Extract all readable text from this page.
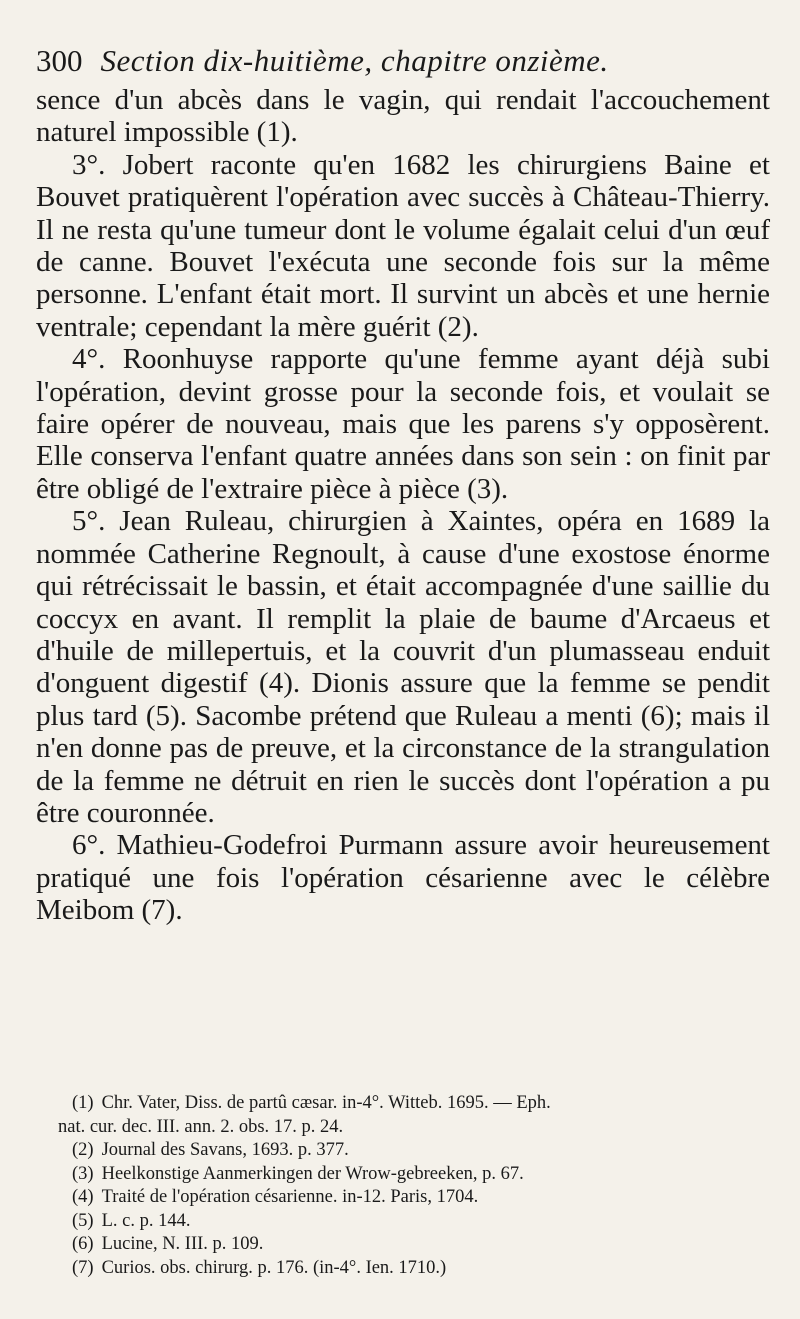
300 Section dix-huitième, chapitre onzième.

sence d'un abcès dans le vagin, qui rendait l'accouchement naturel impossible (1).

3°. Jobert raconte qu'en 1682 les chirurgiens Baine et Bouvet pratiquèrent l'opération avec succès à Château-Thierry. Il ne resta qu'une tumeur dont le volume égalait celui d'un œuf de canne. Bouvet l'exécuta une seconde fois sur la même personne. L'enfant était mort. Il survint un abcès et une hernie ventrale; cependant la mère guérit (2).

4°. Roonhuyse rapporte qu'une femme ayant déjà subi l'opération, devint grosse pour la seconde fois, et voulait se faire opérer de nouveau, mais que les parens s'y opposèrent. Elle conserva l'enfant quatre années dans son sein : on finit par être obligé de l'extraire pièce à pièce (3).

5°. Jean Ruleau, chirurgien à Xaintes, opéra en 1689 la nommée Catherine Regnoult, à cause d'une exostose énorme qui rétrécissait le bassin, et était accompagnée d'une saillie du coccyx en avant. Il remplit la plaie de baume d'Arcaeus et d'huile de millepertuis, et la couvrit d'un plumasseau enduit d'onguent digestif (4). Dionis assure que la femme se pendit plus tard (5). Sacombe prétend que Ruleau a menti (6); mais il n'en donne pas de preuve, et la circonstance de la strangulation de la femme ne détruit en rien le succès dont l'opération a pu être couronnée.

6°. Mathieu-Godefroi Purmann assure avoir heureusement pratiqué une fois l'opération césarienne avec le célèbre Meibom (7).

(1) Chr. Vater, Diss. de partû cæsar. in-4°. Witteb. 1695. — Eph.
nat. cur. dec. III. ann. 2. obs. 17. p. 24.
(2) Journal des Savans, 1693. p. 377.
(3) Heelkonstige Aanmerkingen der Wrow-gebreeken, p. 67.
(4) Traité de l'opération césarienne. in-12. Paris, 1704.
(5) L. c. p. 144.
(6) Lucine, N. III. p. 109.
(7) Curios. obs. chirurg. p. 176. (in-4°. Ien. 1710.)
